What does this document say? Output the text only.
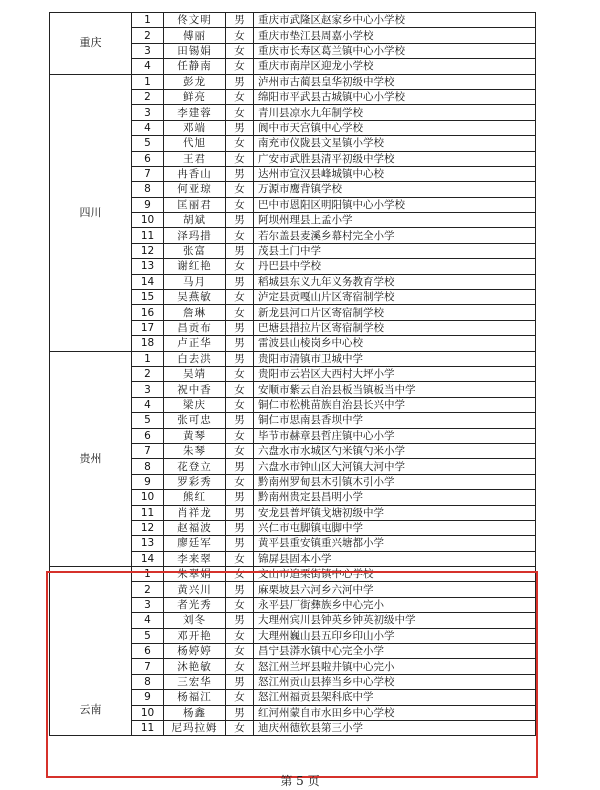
重庆	1	佟文明	男	重庆市武隆区赵家乡中心小学校
	2	傅丽	女	重庆市垫江县周嘉小学校
	3	田锡娟	女	重庆市长寿区葛兰镇中心小学校
	4	任静南	女	重庆市南岸区迎龙小学校
四川	1	彭龙	男	泸州市古蔺县皇华初级中学校
	2	鲜亮	女	绵阳市平武县古城镇中心小学校
	3	李建蓉	女	青川县凉水九年制学校
	4	邓端	男	阆中市天宫镇中心学校
	5	代旭	女	南充市仪陇县文星镇小学校
	6	王君	女	广安市武胜县清平初级中学校
	7	冉香山	男	达州市宣汉县峰城镇中心校
	8	何亚琼	女	万源市鹰背镇学校
	9	匡丽君	女	巴中市恩阳区明阳镇中心小学校
	10	胡斌	男	阿坝州理县上孟小学
	11	泽玛措	女	若尔盖县麦溪乡幕村完全小学
	12	张富	男	茂县土门中学
	13	谢红艳	女	丹巴县中学校
	14	马月	男	稻城县东义九年义务教育学校
	15	吴燕敏	女	泸定县贡嘎山片区寄宿制学校
	16	詹琳	女	新龙县河口片区寄宿制学校
	17	昌贡布	男	巴塘县措拉片区寄宿制学校
	18	卢正华	男	雷波县山棱岗乡中心校
贵州	1	白去洪	男	贵阳市清镇市卫城中学
	2	吴靖	女	贵阳市云岩区大西村大坪小学
	3	祝中香	女	安顺市紫云自治县板当镇板当中学
	4	梁庆	女	铜仁市松桃苗族自治县长兴中学
	5	张可忠	男	铜仁市思南县香坝中学
	6	黄琴	女	毕节市赫章县哲庄镇中心小学
	7	朱琴	女	六盘水市水城区勺米镇勺米小学
	8	花登立	男	六盘水市钟山区大河镇大河中学
	9	罗彩秀	女	黔南州罗甸县木引镇木引小学
	10	熊红	男	黔南州贵定县昌明小学
	11	肖祥龙	男	安龙县普坪镇戈塘初级中学
	12	赵福波	男	兴仁市屯脚镇屯脚中学
	13	廖廷军	男	黄平县重安镇重兴塘都小学
	14	李来翠	女	锦屏县固本小学
云南	1	朱翠娟	女	文山市追栗街镇中心学校
	2	黄兴川	男	麻栗坡县六河乡六河中学
	3	者光秀	女	永平县厂街彝族乡中心完小
	4	刘冬	男	大理州宾川县钟英乡钟英初级中学
	5	邓开艳	女	大理州巍山县五印乡印山小学
	6	杨婷婷	女	昌宁县漭水镇中心完全小学
	7	沐艳敏	女	怒江州兰坪县啦井镇中心完小
	8	三宏华	男	怒江州贡山县捧当乡中心学校
	9	杨福江	女	怒江州福贡县架科底中学
	10	杨鑫	男	红河州蒙自市水田乡中心学校
	11	尼玛拉姆	女	迪庆州德钦县第三小学
第 5 页
